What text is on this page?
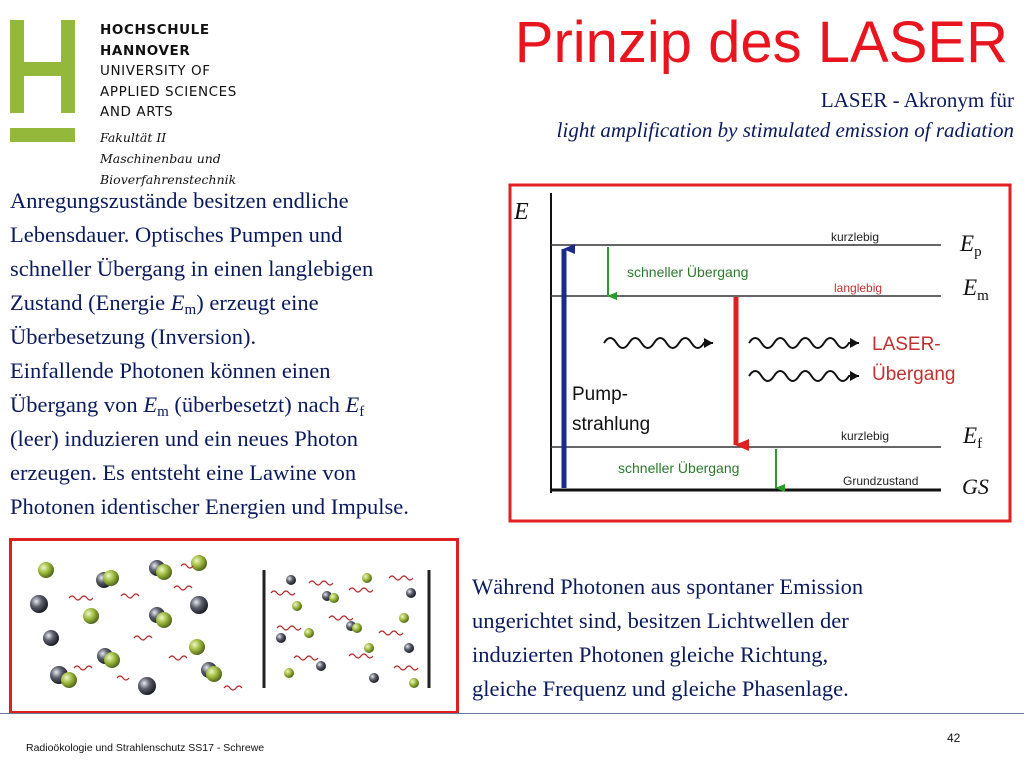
HOCHSCHULE
HANNOVER
UNIVERSITY OF
APPLIED SCIENCES
AND ARTS
Fakultät II
Maschinenbau und
Bioverfahrenstechnik
Prinzip des LASER
LASER - Akronym für
light amplification by stimulated emission of radiation

Anregungszustände besitzen endliche

Lebensdauer. Optisches Pumpen und

schneller Übergang in einen langlebigen

Zustand (Energie $E_m$) erzeugt eine

Überbesetzung (Inversion).

Einfallende Photonen können einen

Übergang von $E_m$ (überbesetzt) nach $E_f$

(leer) induzieren und ein neues Photon

erzeugen. Es entsteht eine Lawine von

Photonen identischer Energien und Impulse.

E
kurzlebig
langlebig
kurzlebig
Grundzustand
$E_p$
$E_m$
$E_f$
GS
Pump- strahlung
schneller Übergang
LASER- Übergang
schneller Übergang

Während Photonen aus spontaner Emission

ungerichtet sind, besitzen Lichtwellen der

induzierten Photonen gleiche Richtung,

gleiche Frequenz und gleiche Phasenlage.

Radioökologie und Strahlenschutz SS17 - Schrewe
42
